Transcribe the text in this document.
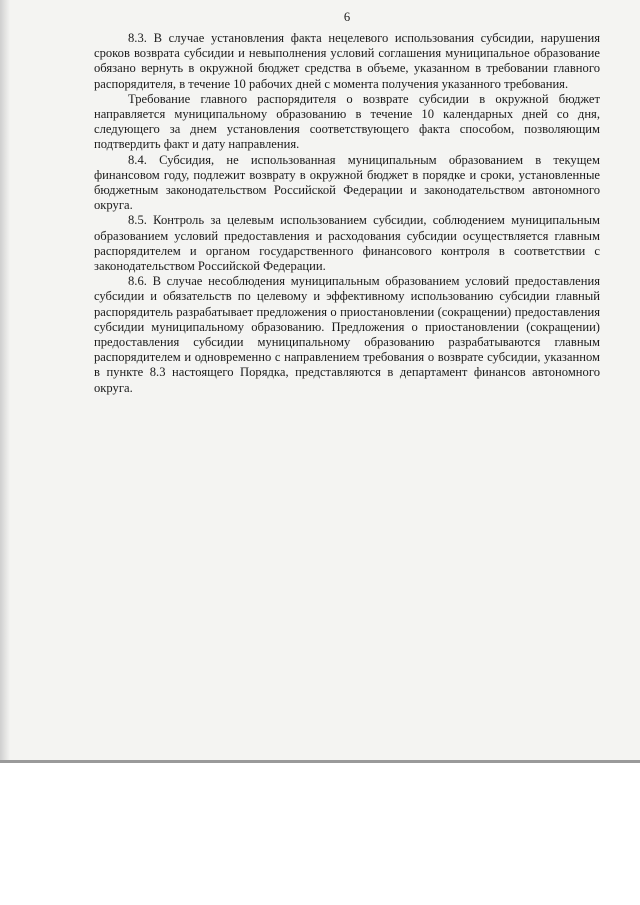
6

8.3. В случае установления факта нецелевого использования субсидии, нарушения сроков возврата субсидии и невыполнения условий соглашения муниципальное образование обязано вернуть в окружной бюджет средства в объеме, указанном в требовании главного распорядителя, в течение 10 рабочих дней с момента получения указанного требования.

Требование главного распорядителя о возврате субсидии в окружной бюджет направляется муниципальному образованию в течение 10 календарных дней со дня, следующего за днем установления соответствующего факта способом, позволяющим подтвердить факт и дату направления.

8.4. Субсидия, не использованная муниципальным образованием в текущем финансовом году, подлежит возврату в окружной бюджет в порядке и сроки, установленные бюджетным законодательством Российской Федерации и законодательством автономного округа.

8.5. Контроль за целевым использованием субсидии, соблюдением муниципальным образованием условий предоставления и расходования субсидии осуществляется главным распорядителем и органом государственного финансового контроля в соответствии с законодательством Российской Федерации.

8.6. В случае несоблюдения муниципальным образованием условий предоставления субсидии и обязательств по целевому и эффективному использованию субсидии главный распорядитель разрабатывает предложения о приостановлении (сокращении) предоставления субсидии муниципальному образованию. Предложения о приостановлении (сокращении) предоставления субсидии муниципальному образованию разрабатываются главным распорядителем и одновременно с направлением требования о возврате субсидии, указанном в пункте 8.3 настоящего Порядка, представляются в департамент финансов автономного округа.
